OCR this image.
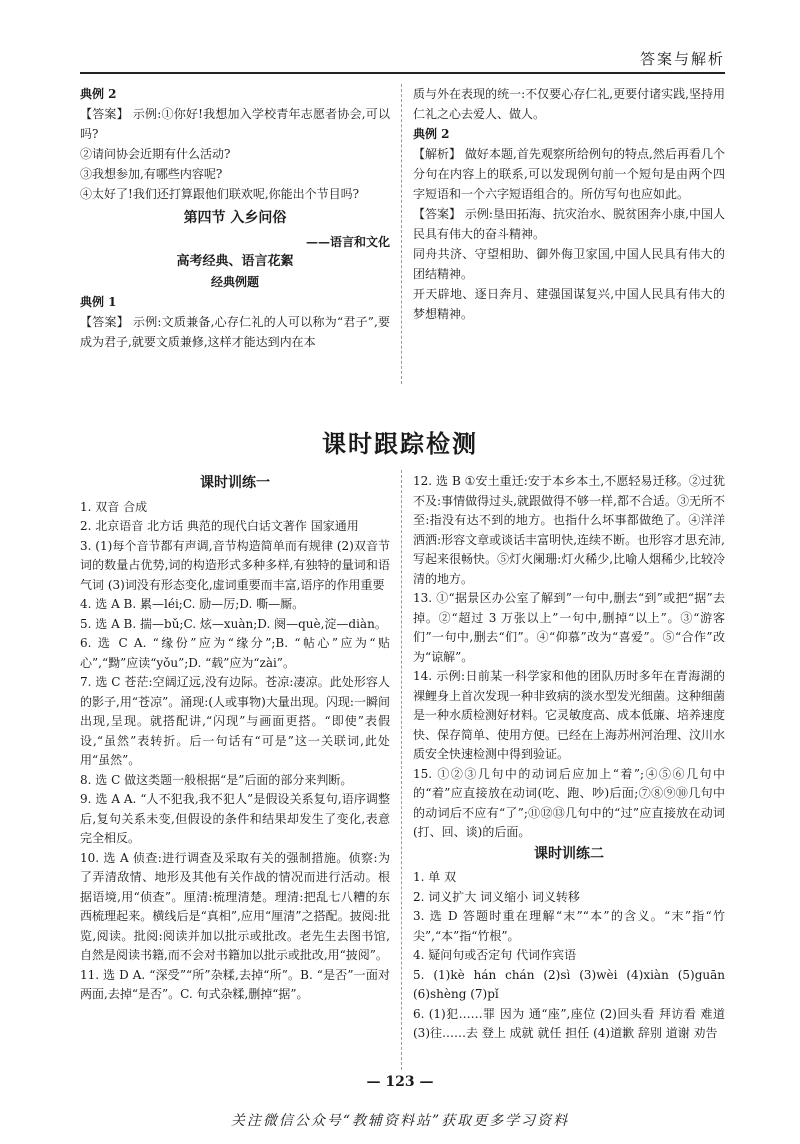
答案与解析

典例 2

【答案】 示例:①你好!我想加入学校青年志愿者协会,可以吗?

②请问协会近期有什么活动?

③我想参加,有哪些内容呢?

④太好了!我们还打算跟他们联欢呢,你能出个节目吗?

第四节 入乡问俗

——语言和文化

高考经典、语言花絮

经典例题

典例 1

【答案】 示例:文质兼备,心存仁礼的人可以称为“君子”,要成为君子,就要文质兼修,这样才能达到内在本

质与外在表现的统一:不仅要心存仁礼,更要付诸实践,坚持用仁礼之心去爱人、做人。

典例 2

【解析】 做好本题,首先观察所给例句的特点,然后再看几个分句在内容上的联系,可以发现例句前一个短句是由两个四字短语和一个六字短语组合的。所仿写句也应如此。

【答案】 示例:垦田拓海、抗灾治水、脱贫困奔小康,中国人民具有伟大的奋斗精神。

同舟共济、守望相助、御外侮卫家国,中国人民具有伟大的团结精神。

开天辟地、逐日奔月、建强国谋复兴,中国人民具有伟大的梦想精神。

课时跟踪检测

课时训练一

1. 双音 合成

2. 北京语音 北方话 典范的现代白话文著作 国家通用

3. (1)每个音节都有声调,音节构造简单而有规律 (2)双音节词的数量占优势,词的构造形式多种多样,有独特的量词和语气词 (3)词没有形态变化,虚词重要而丰富,语序的作用重要

4. 选 A B. 累—léi;C. 励—厉;D. 嘶—厮。

5. 选 A B. 揣—bǔ;C. 炫—xuàn;D. 阕—què,淀—diàn。

6. 选 C A. “缘份”应为“缘分”;B. “帖心”应为“贴心”,“黝”应读“yǒu”;D. “载”应为“zài”。

7. 选 C 苍茫:空阔辽远,没有边际。苍凉:凄凉。此处形容人的影子,用“苍凉”。涌现:(人或事物)大量出现。闪现:一瞬间出现,呈现。就搭配讲,“闪现”与画面更搭。“即使”表假设,“虽然”表转折。后一句话有“可是”这一关联词,此处用“虽然”。

8. 选 C 做这类题一般根据“是”后面的部分来判断。

9. 选 A A. “人不犯我,我不犯人”是假设关系复句,语序调整后,复句关系未变,但假设的条件和结果却发生了变化,表意完全相反。

10. 选 A 侦查:进行调查及采取有关的强制措施。侦察:为了弄清敌情、地形及其他有关作战的情况而进行活动。根据语境,用“侦查”。厘清:梳理清楚。理清:把乱七八糟的东西梳理起来。横线后是“真相”,应用“厘清”之搭配。披阅:批览,阅读。批阅:阅读并加以批示或批改。老先生去图书馆,自然是阅读书籍,而不会对书籍加以批示或批改,用“披阅”。

11. 选 D A. “深受”“所”杂糅,去掉“所”。B. “是否”一面对两面,去掉“是否”。C. 句式杂糅,删掉“据”。

12. 选 B ①安土重迁:安于本乡本土,不愿轻易迁移。②过犹不及:事情做得过头,就跟做得不够一样,都不合适。③无所不至:指没有达不到的地方。也指什么坏事都做绝了。④洋洋洒洒:形容文章或谈话丰富明快,连续不断。也形容才思充沛,写起来很畅快。⑤灯火阑珊:灯火稀少,比喻人烟稀少,比较冷清的地方。

13. ①“据景区办公室了解到”一句中,删去“到”或把“据”去掉。②“超过 3 万张以上”一句中,删掉“以上”。③“游客们”一句中,删去“们”。④“仰慕”改为“喜爱”。⑤“合作”改为“谅解”。

14. 示例:日前某一科学家和他的团队历时多年在青海湖的裸鲤身上首次发现一种非致病的淡水型发光细菌。这种细菌是一种水质检测好材料。它灵敏度高、成本低廉、培养速度快、保存简单、使用方便。已经在上海苏州河治理、汶川水质安全快速检测中得到验证。

15. ①②③几句中的动词后应加上“着”;④⑤⑥几句中的“着”应直接放在动词(吃、跑、吵)后面;⑦⑧⑨⑩几句中的动词后不应有“了”;⑪⑫⑬几句中的“过”应直接放在动词(打、回、谈)的后面。

课时训练二

1. 单 双

2. 词义扩大 词义缩小 词义转移

3. 选 D 答题时重在理解“末”“本”的含义。“末”指“竹尖”,“本”指“竹根”。

4. 疑问句或否定句 代词作宾语

5. (1)kè hán chán (2)sì (3)wèi (4)xiàn (5)guān (6)shèng (7)pǐ

6. (1)犯……罪 因为 通“座”,座位 (2)回头看 拜访看 难道 (3)往……去 登上 成就 就任 担任 (4)道歉 辞别 道谢 劝告

— 123 —
关注微信公众号“教辅资料站”获取更多学习资料
